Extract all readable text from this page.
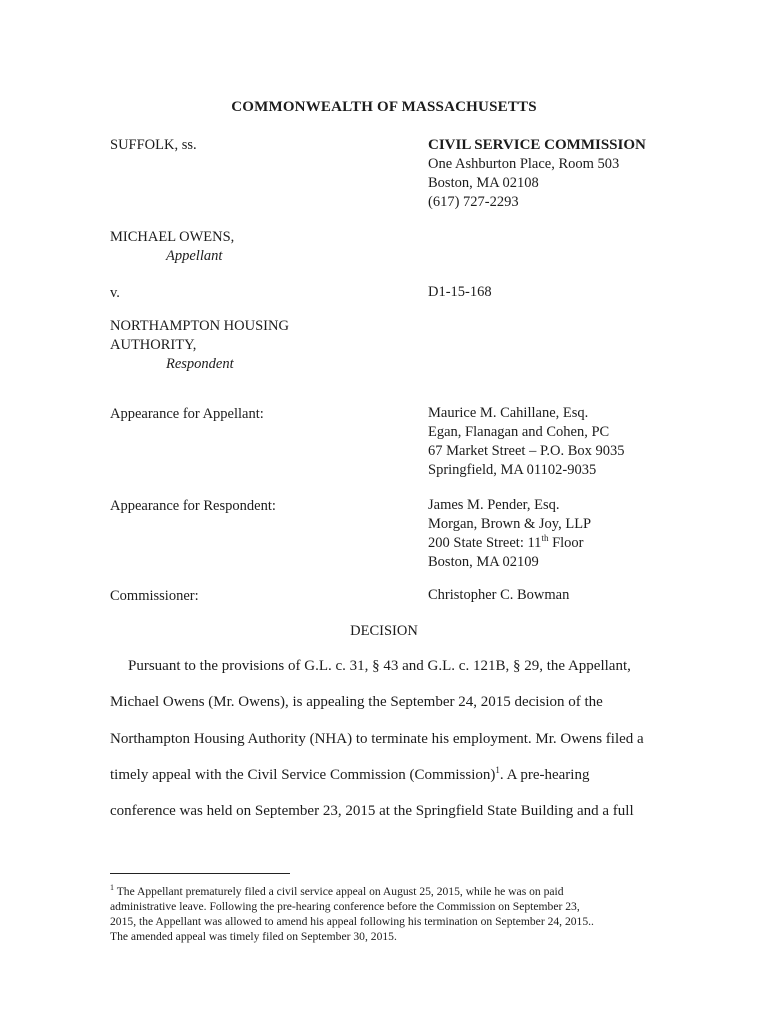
COMMONWEALTH OF MASSACHUSETTS
SUFFOLK, ss.	CIVIL SERVICE COMMISSION
One Ashburton Place, Room 503
Boston, MA 02108
(617) 727-2293
MICHAEL OWENS,
Appellant
v.	D1-15-168
NORTHAMPTON HOUSING
AUTHORITY,
Respondent
Appearance for Appellant:	Maurice M. Cahillane, Esq.
Egan, Flanagan and Cohen, PC
67 Market Street – P.O. Box 9035
Springfield, MA 01102-9035
Appearance for Respondent:	James M. Pender, Esq.
Morgan, Brown & Joy, LLP
200 State Street: 11th Floor
Boston, MA 02109
Commissioner:	Christopher C. Bowman
DECISION
Pursuant to the provisions of G.L. c. 31, § 43 and G.L. c. 121B, § 29, the Appellant,
Michael Owens (Mr. Owens), is appealing the September 24, 2015 decision of the
Northampton Housing Authority (NHA) to terminate his employment. Mr. Owens filed a
timely appeal with the Civil Service Commission (Commission)$^1$. A pre-hearing
conference was held on September 23, 2015 at the Springfield State Building and a full
$^1$ The Appellant prematurely filed a civil service appeal on August 25, 2015, while he was on paid
administrative leave. Following the pre-hearing conference before the Commission on September 23,
2015, the Appellant was allowed to amend his appeal following his termination on September 24, 2015..
The amended appeal was timely filed on September 30, 2015.
